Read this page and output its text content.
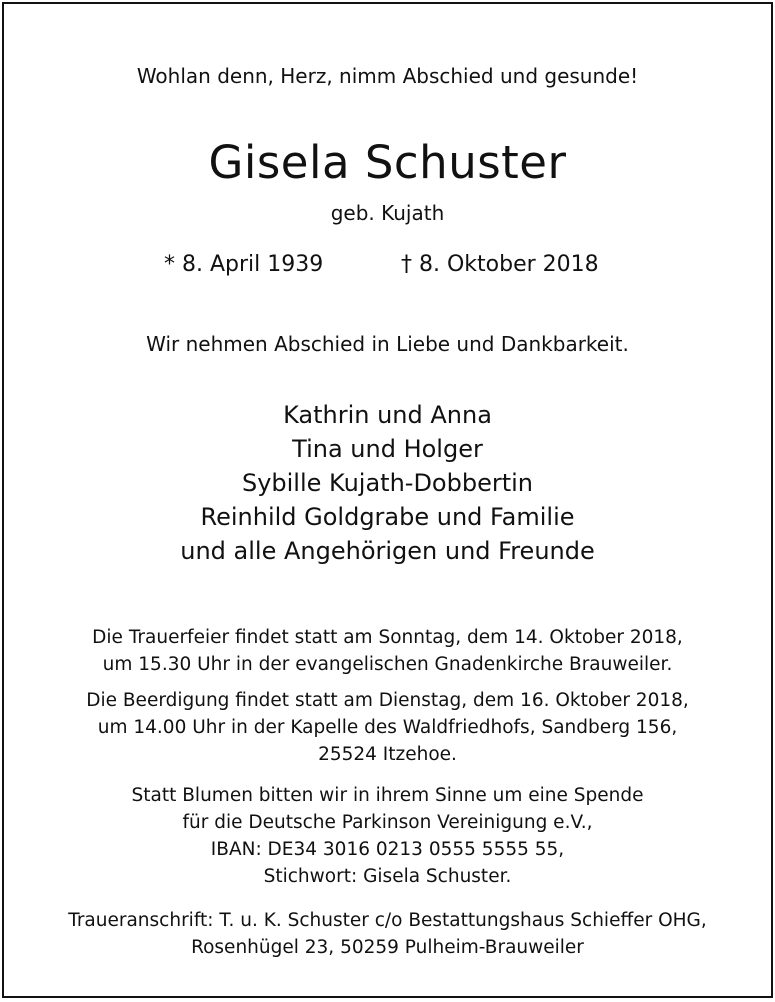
Wohlan denn, Herz, nimm Abschied und gesunde!

Gisela Schuster

geb. Kujath

* 8. April 1939	† 8. Oktober 2018

Wir nehmen Abschied in Liebe und Dankbarkeit.

Kathrin und Anna
Tina und Holger
Sybille Kujath-Dobbertin
Reinhild Goldgrabe und Familie
und alle Angehörigen und Freunde
Die Trauerfeier findet statt am Sonntag, dem 14. Oktober 2018,
um 15.30 Uhr in der evangelischen Gnadenkirche Brauweiler.
Die Beerdigung findet statt am Dienstag, dem 16. Oktober 2018,
um 14.00 Uhr in der Kapelle des Waldfriedhofs, Sandberg 156,
25524 Itzehoe.
Statt Blumen bitten wir in ihrem Sinne um eine Spende
für die Deutsche Parkinson Vereinigung e.V.,
IBAN: DE34 3016 0213 0555 5555 55,
Stichwort: Gisela Schuster.
Traueranschrift: T. u. K. Schuster c/o Bestattungshaus Schieffer OHG,
Rosenhügel 23, 50259 Pulheim-Brauweiler
